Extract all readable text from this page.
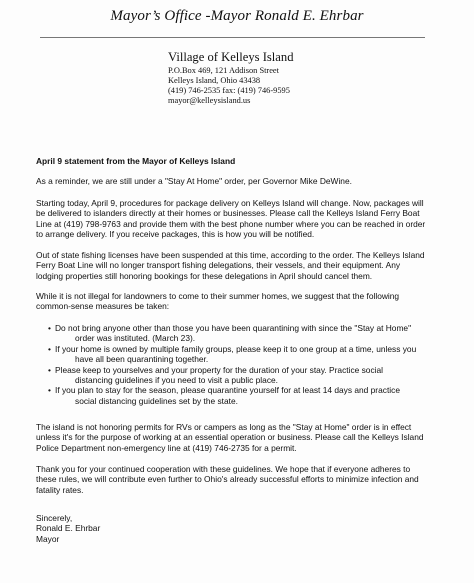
Mayor’s Office -Mayor Ronald E. Ehrbar
Village of Kelleys Island
P.O.Box 469, 121 Addison Street
Kelleys Island, Ohio 43438
(419) 746-2535 fax: (419) 746-9595
mayor@kelleysisland.us
April 9 statement from the Mayor of Kelleys Island
As a reminder, we are still under a "Stay At Home" order, per Governor Mike DeWine.
Starting today, April 9, procedures for package delivery on Kelleys Island will change. Now, packages will
be delivered to islanders directly at their homes or businesses. Please call the Kelleys Island Ferry Boat
Line at (419) 798-9763 and provide them with the best phone number where you can be reached in order
to arrange delivery. If you receive packages, this is how you will be notified.
Out of state fishing licenses have been suspended at this time, according to the order. The Kelleys Island
Ferry Boat Line will no longer transport fishing delegations, their vessels, and their equipment. Any
lodging properties still honoring bookings for these delegations in April should cancel them.
While it is not illegal for landowners to come to their summer homes, we suggest that the following
common-sense measures be taken:
• Do not bring anyone other than those you have been quarantining with since the "Stay at Home"
order was instituted. (March 23).
• If your home is owned by multiple family groups, please keep it to one group at a time, unless you
have all been quarantining together.
• Please keep to yourselves and your property for the duration of your stay. Practice social
distancing guidelines if you need to visit a public place.
• If you plan to stay for the season, please quarantine yourself for at least 14 days and practice
social distancing guidelines set by the state.
The island is not honoring permits for RVs or campers as long as the "Stay at Home" order is in effect
unless it's for the purpose of working at an essential operation or business. Please call the Kelleys Island
Police Department non-emergency line at (419) 746-2735 for a permit.
Thank you for your continued cooperation with these guidelines. We hope that if everyone adheres to
these rules, we will contribute even further to Ohio's already successful efforts to minimize infection and
fatality rates.
Sincerely,
Ronald E. Ehrbar
Mayor
